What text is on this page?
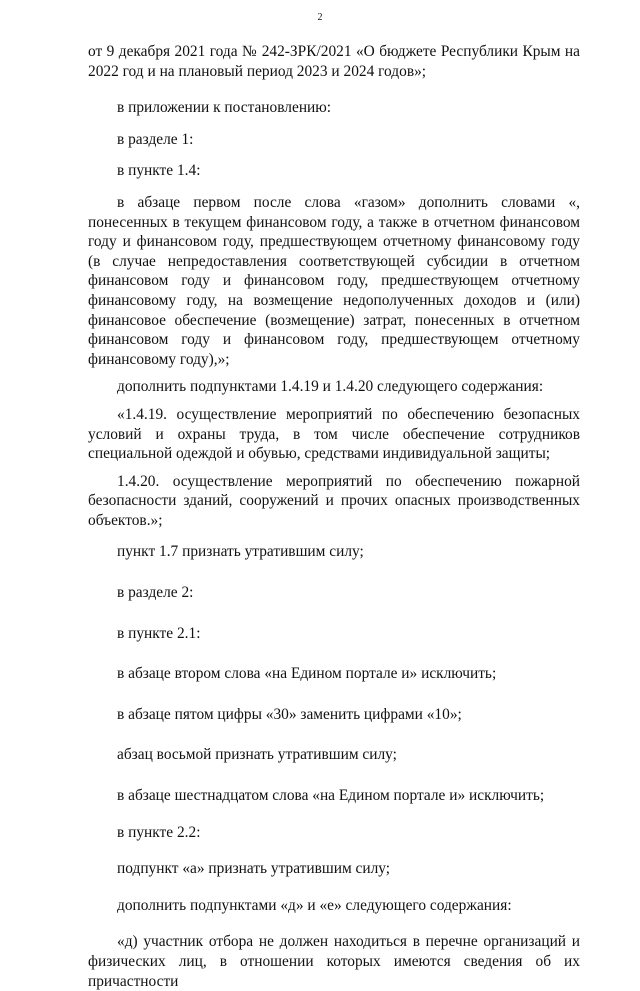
2

от 9 декабря 2021 года № 242-ЗРК/2021 «О бюджете Республики Крым на 2022 год и на плановый период 2023 и 2024 годов»;

в приложении к постановлению:

в разделе 1:

в пункте 1.4:

в абзаце первом после слова «газом» дополнить словами «, понесенных в текущем финансовом году, а также в отчетном финансовом году и финансовом году, предшествующем отчетному финансовому году (в случае непредоставления соответствующей субсидии в отчетном финансовом году и финансовом году, предшествующем отчетному финансовому году, на возмещение недополученных доходов и (или) финансовое обеспечение (возмещение) затрат, понесенных в отчетном финансовом году и финансовом году, предшествующем отчетному финансовому году),»;

дополнить подпунктами 1.4.19 и 1.4.20 следующего содержания:

«1.4.19. осуществление мероприятий по обеспечению безопасных условий и охраны труда, в том числе обеспечение сотрудников специальной одеждой и обувью, средствами индивидуальной защиты;

1.4.20. осуществление мероприятий по обеспечению пожарной безопасности зданий, сооружений и прочих опасных производственных объектов.»;

пункт 1.7 признать утратившим силу;

в разделе 2:

в пункте 2.1:

в абзаце втором слова «на Едином портале и» исключить;

в абзаце пятом цифры «30» заменить цифрами «10»;

абзац восьмой признать утратившим силу;

в абзаце шестнадцатом слова «на Едином портале и» исключить;

в пункте 2.2:

подпункт «а» признать утратившим силу;

дополнить подпунктами «д» и «е» следующего содержания:

«д) участник отбора не должен находиться в перечне организаций и физических лиц, в отношении которых имеются сведения об их причастности
